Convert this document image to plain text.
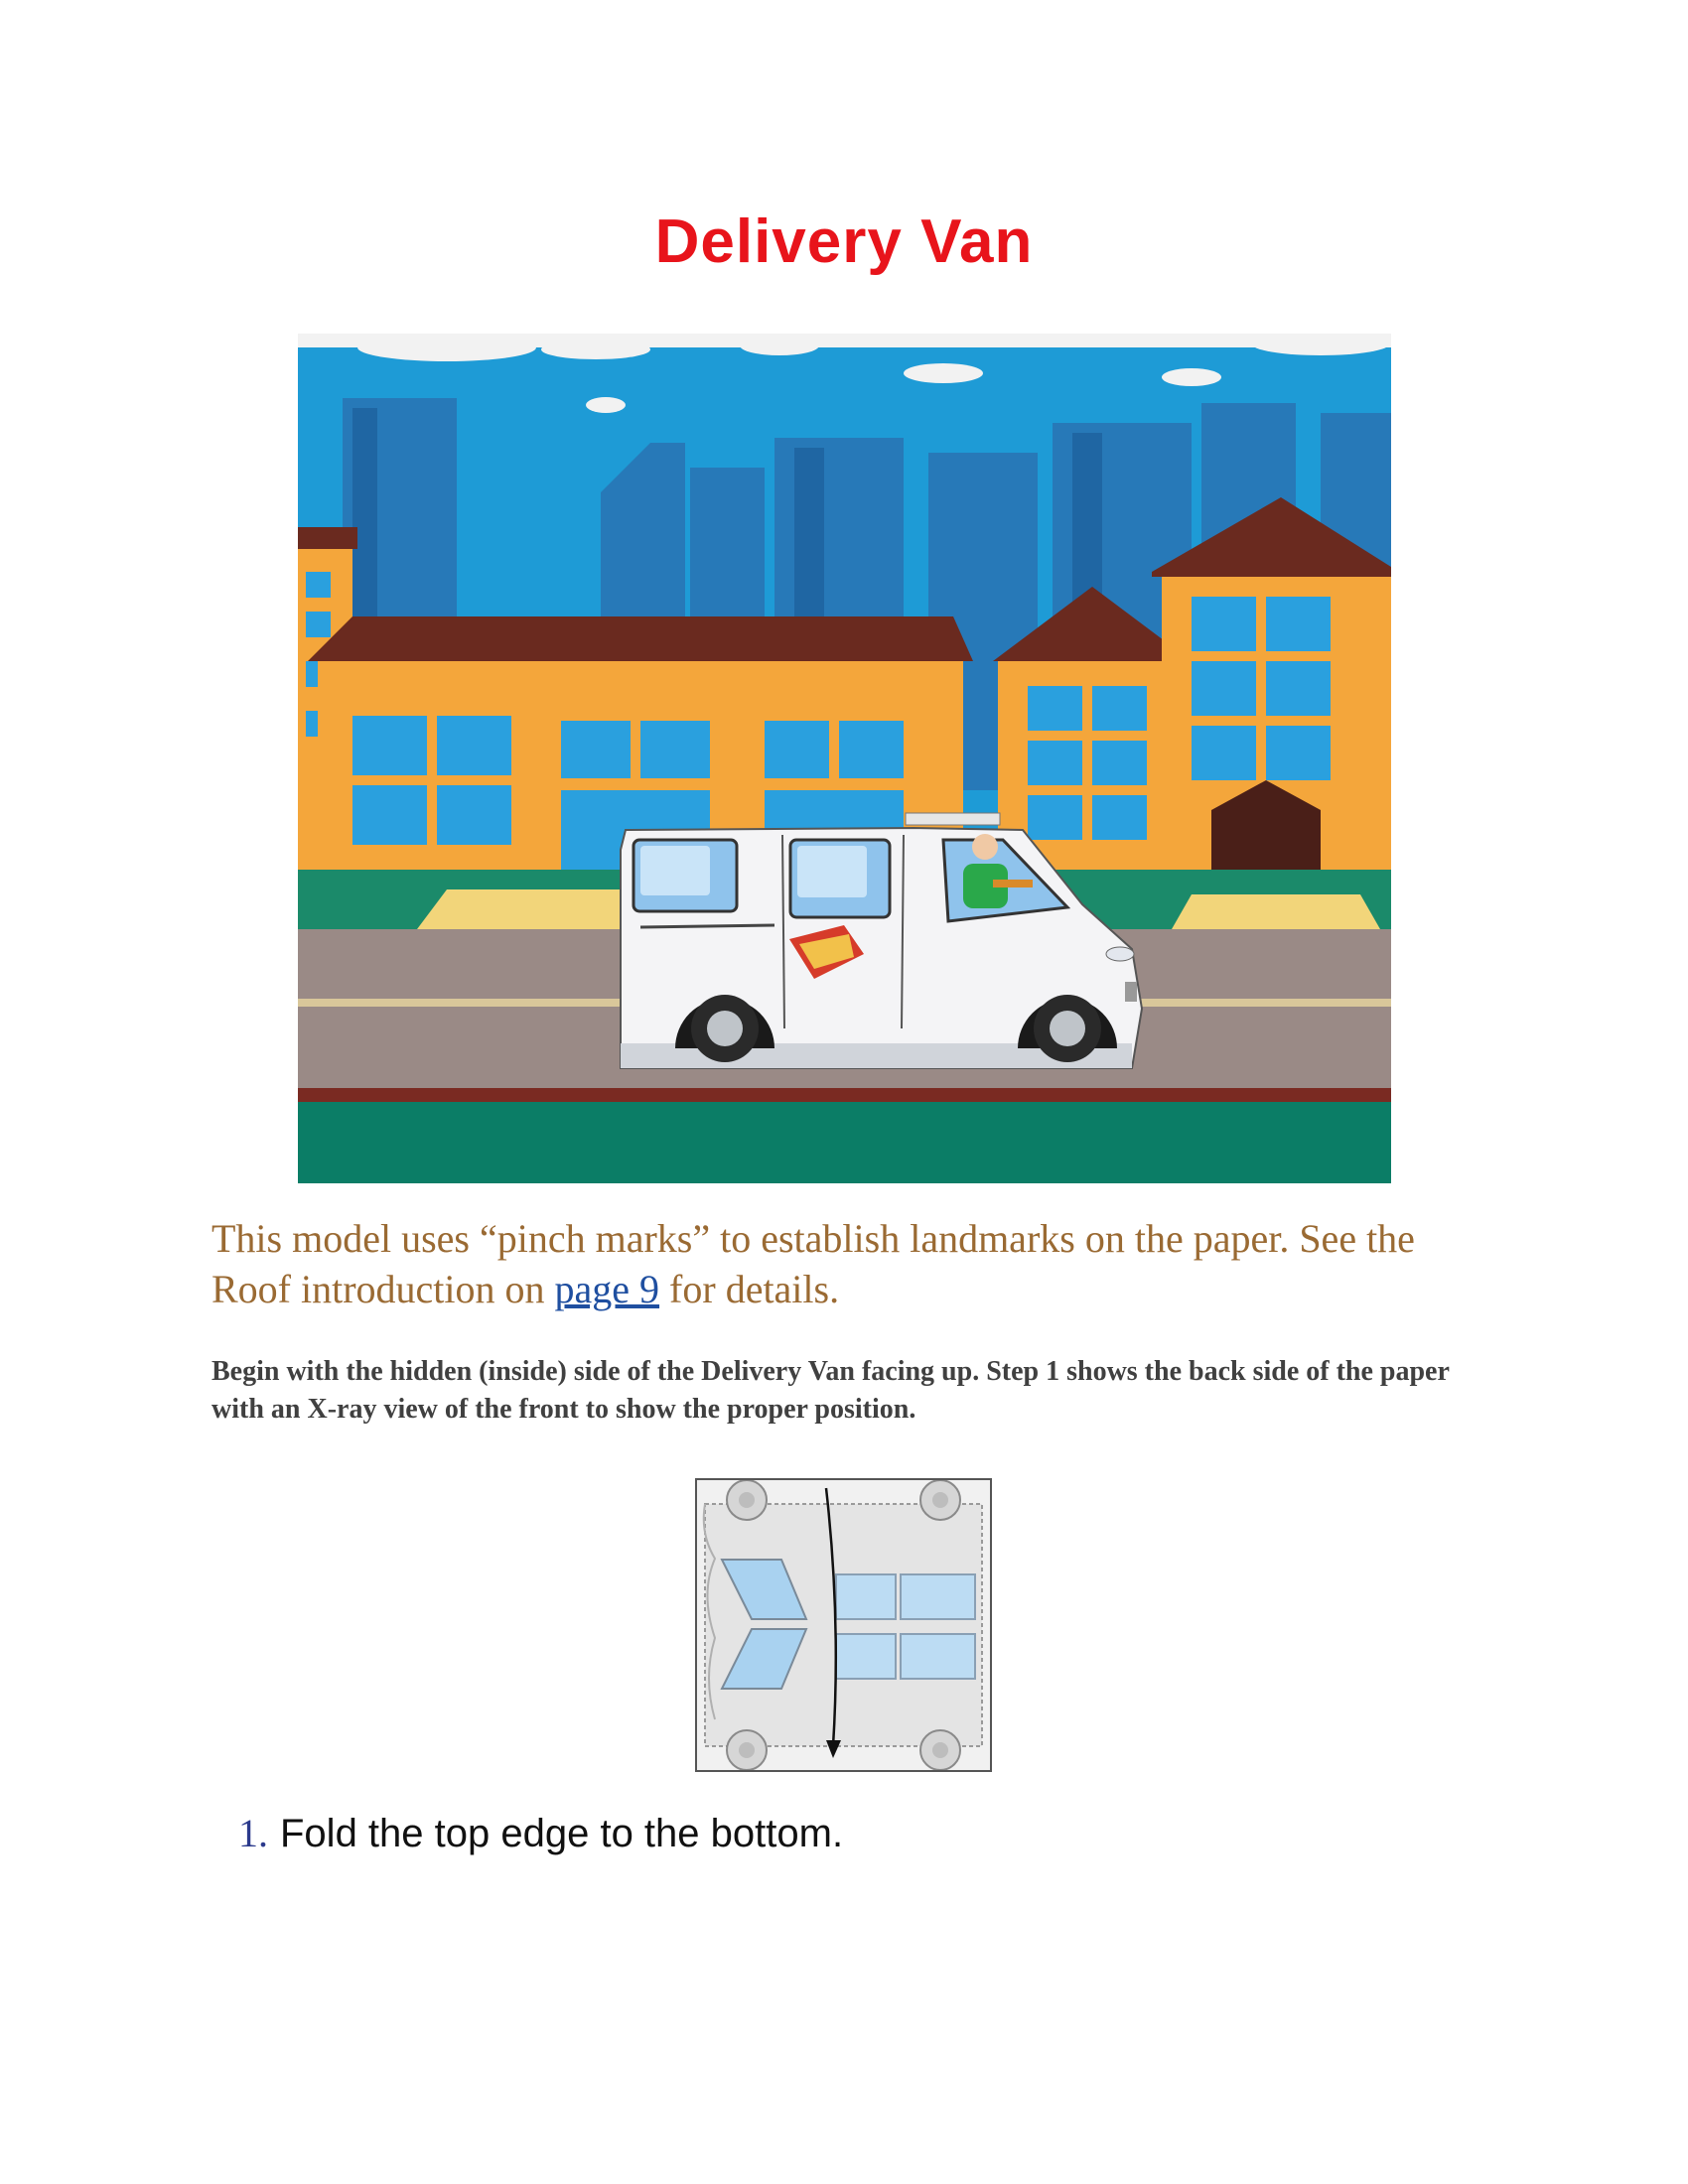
Delivery Van

This model uses “pinch marks” to establish landmarks on the paper. See the Roof introduction on page 9 for details.

Begin with the hidden (inside) side of the Delivery Van facing up. Step 1 shows the back side of the paper with an X-ray view of the front to show the proper position.

1. Fold the top edge to the bottom.
